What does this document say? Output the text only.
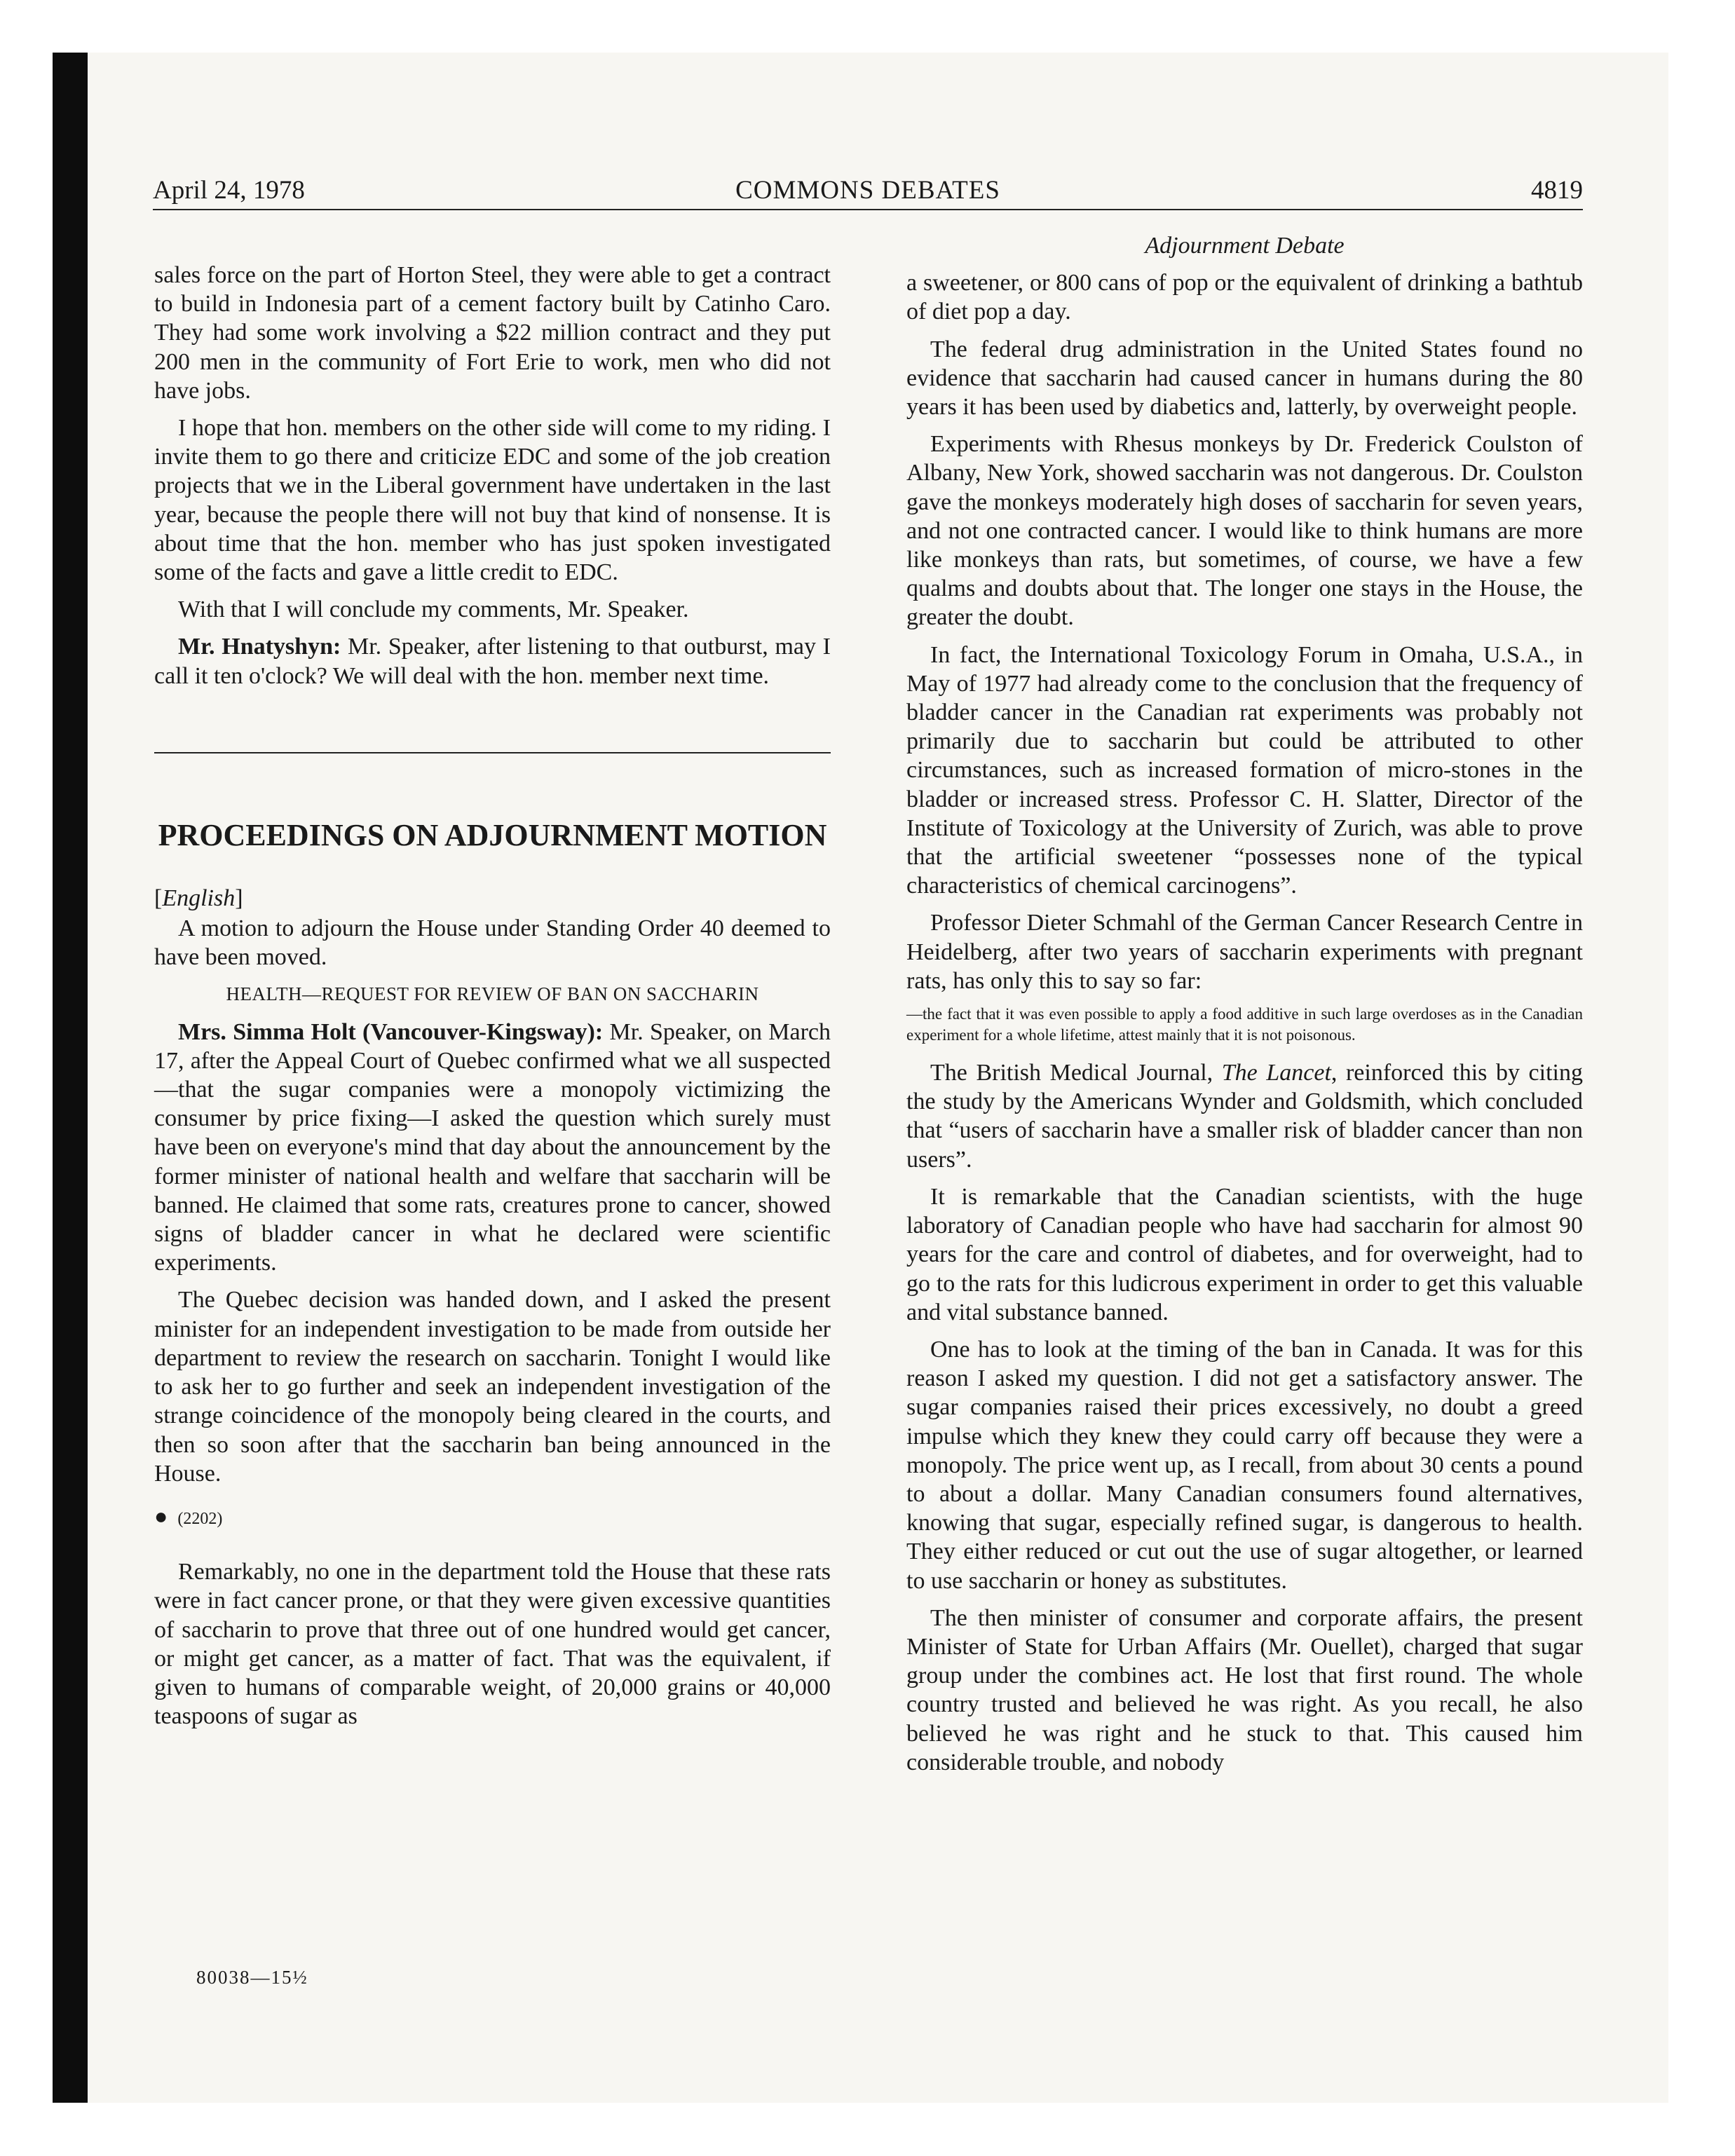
April 24, 1978	COMMONS DEBATES	4819

sales force on the part of Horton Steel, they were able to get a contract to build in Indonesia part of a cement factory built by Catinho Caro. They had some work involving a $22 million contract and they put 200 men in the community of Fort Erie to work, men who did not have jobs.

I hope that hon. members on the other side will come to my riding. I invite them to go there and criticize EDC and some of the job creation projects that we in the Liberal government have undertaken in the last year, because the people there will not buy that kind of nonsense. It is about time that the hon. member who has just spoken investigated some of the facts and gave a little credit to EDC.

With that I will conclude my comments, Mr. Speaker.

Mr. Hnatyshyn: Mr. Speaker, after listening to that outburst, may I call it ten o'clock? We will deal with the hon. member next time.

PROCEEDINGS ON ADJOURNMENT MOTION

[English]

A motion to adjourn the House under Standing Order 40 deemed to have been moved.

HEALTH—REQUEST FOR REVIEW OF BAN ON SACCHARIN

Mrs. Simma Holt (Vancouver-Kingsway): Mr. Speaker, on March 17, after the Appeal Court of Quebec confirmed what we all suspected—that the sugar companies were a monopoly victimizing the consumer by price fixing—I asked the question which surely must have been on everyone's mind that day about the announcement by the former minister of national health and welfare that saccharin will be banned. He claimed that some rats, creatures prone to cancer, showed signs of bladder cancer in what he declared were scientific experiments.

The Quebec decision was handed down, and I asked the present minister for an independent investigation to be made from outside her department to review the research on saccharin. Tonight I would like to ask her to go further and seek an independent investigation of the strange coincidence of the monopoly being cleared in the courts, and then so soon after that the saccharin ban being announced in the House.

● (2202)

Remarkably, no one in the department told the House that these rats were in fact cancer prone, or that they were given excessive quantities of saccharin to prove that three out of one hundred would get cancer, or might get cancer, as a matter of fact. That was the equivalent, if given to humans of comparable weight, of 20,000 grains or 40,000 teaspoons of sugar as

Adjournment Debate

a sweetener, or 800 cans of pop or the equivalent of drinking a bathtub of diet pop a day.

The federal drug administration in the United States found no evidence that saccharin had caused cancer in humans during the 80 years it has been used by diabetics and, latterly, by overweight people.

Experiments with Rhesus monkeys by Dr. Frederick Coulston of Albany, New York, showed saccharin was not dangerous. Dr. Coulston gave the monkeys moderately high doses of saccharin for seven years, and not one contracted cancer. I would like to think humans are more like monkeys than rats, but sometimes, of course, we have a few qualms and doubts about that. The longer one stays in the House, the greater the doubt.

In fact, the International Toxicology Forum in Omaha, U.S.A., in May of 1977 had already come to the conclusion that the frequency of bladder cancer in the Canadian rat experiments was probably not primarily due to saccharin but could be attributed to other circumstances, such as increased formation of micro-stones in the bladder or increased stress. Professor C. H. Slatter, Director of the Institute of Toxicology at the University of Zurich, was able to prove that the artificial sweetener “possesses none of the typical characteristics of chemical carcinogens”.

Professor Dieter Schmahl of the German Cancer Research Centre in Heidelberg, after two years of saccharin experiments with pregnant rats, has only this to say so far:

—the fact that it was even possible to apply a food additive in such large overdoses as in the Canadian experiment for a whole lifetime, attest mainly that it is not poisonous.

The British Medical Journal, The Lancet, reinforced this by citing the study by the Americans Wynder and Goldsmith, which concluded that “users of saccharin have a smaller risk of bladder cancer than non users”.

It is remarkable that the Canadian scientists, with the huge laboratory of Canadian people who have had saccharin for almost 90 years for the care and control of diabetes, and for overweight, had to go to the rats for this ludicrous experiment in order to get this valuable and vital substance banned.

One has to look at the timing of the ban in Canada. It was for this reason I asked my question. I did not get a satisfactory answer. The sugar companies raised their prices excessively, no doubt a greed impulse which they knew they could carry off because they were a monopoly. The price went up, as I recall, from about 30 cents a pound to about a dollar. Many Canadian consumers found alternatives, knowing that sugar, especially refined sugar, is dangerous to health. They either reduced or cut out the use of sugar altogether, or learned to use saccharin or honey as substitutes.

The then minister of consumer and corporate affairs, the present Minister of State for Urban Affairs (Mr. Ouellet), charged that sugar group under the combines act. He lost that first round. The whole country trusted and believed he was right. As you recall, he also believed he was right and he stuck to that. This caused him considerable trouble, and nobody

80038—15½
